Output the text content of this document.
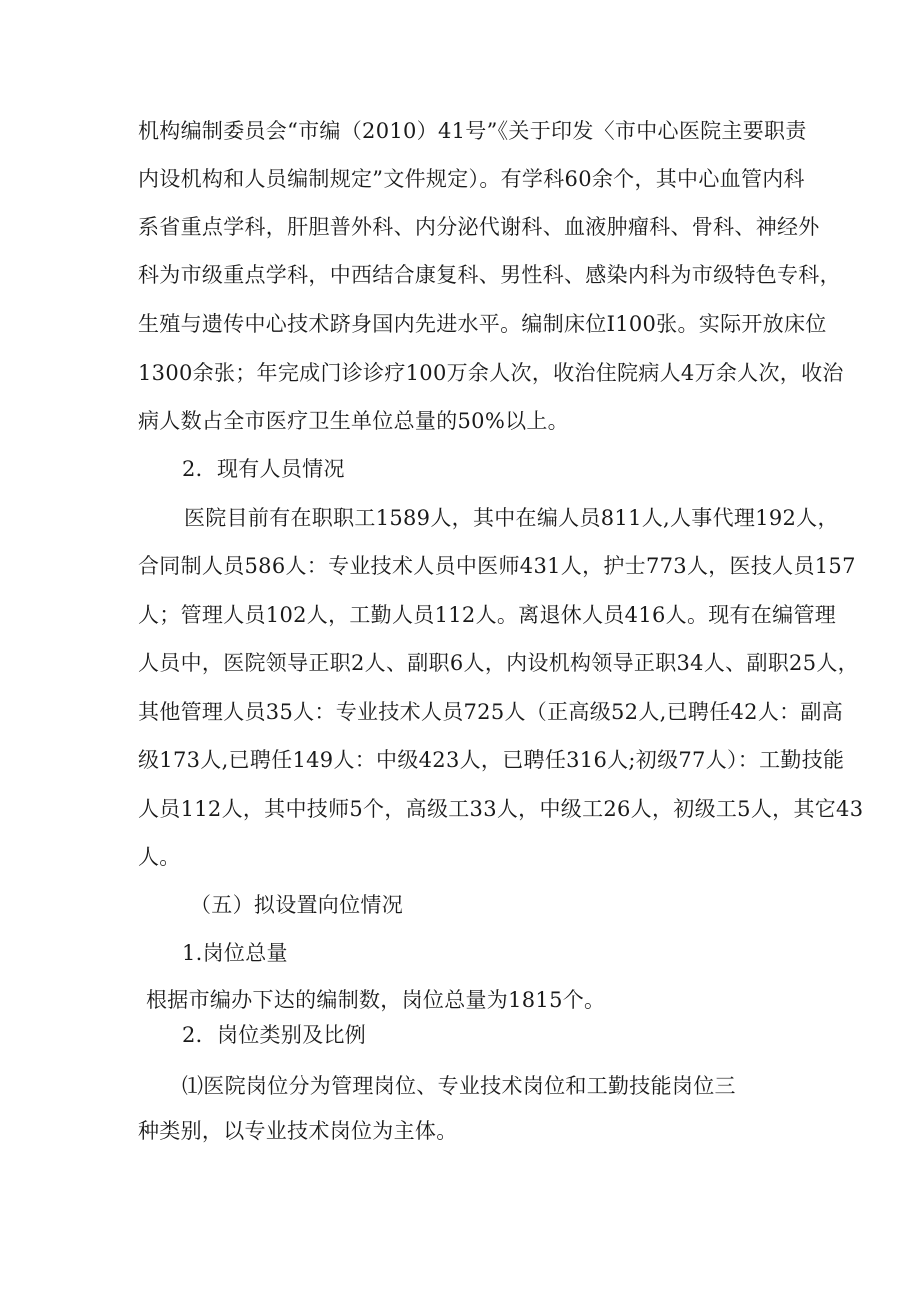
机构编制委员会“市编（2010）41号”《关于印发〈市中心医院主要职责
内设机构和人员编制规定”文件规定）。有学科60余个，其中心血管内科
系省重点学科，肝胆普外科、内分泌代谢科、血液肿瘤科、骨科、神经外
科为市级重点学科，中西结合康复科、男性科、感染内科为市级特色专科，
生殖与遗传中心技术跻身国内先进水平。编制床位I100张。实际开放床位
1300余张；年完成门诊诊疗100万余人次，收治住院病人4万余人次，收治
病人数占全市医疗卫生单位总量的50%以上。
2．现有人员情况
医院目前有在职职工1589人，其中在编人员811人,人事代理192人，
合同制人员586人：专业技术人员中医师431人，护士773人，医技人员157
人；管理人员102人，工勤人员112人。离退休人员416人。现有在编管理
人员中，医院领导正职2人、副职6人，内设机构领导正职34人、副职25人，
其他管理人员35人：专业技术人员725人（正高级52人,已聘任42人：副高
级173人,已聘任149人：中级423人，已聘任316人;初级77人）：工勤技能
人员112人，其中技师5个，高级工33人，中级工26人，初级工5人，其它43
人。
（五）拟设置向位情况
1.岗位总量
根据市编办下达的编制数，岗位总量为1815个。
2．岗位类别及比例
⑴医院岗位分为管理岗位、专业技术岗位和工勤技能岗位三
种类别，以专业技术岗位为主体。
